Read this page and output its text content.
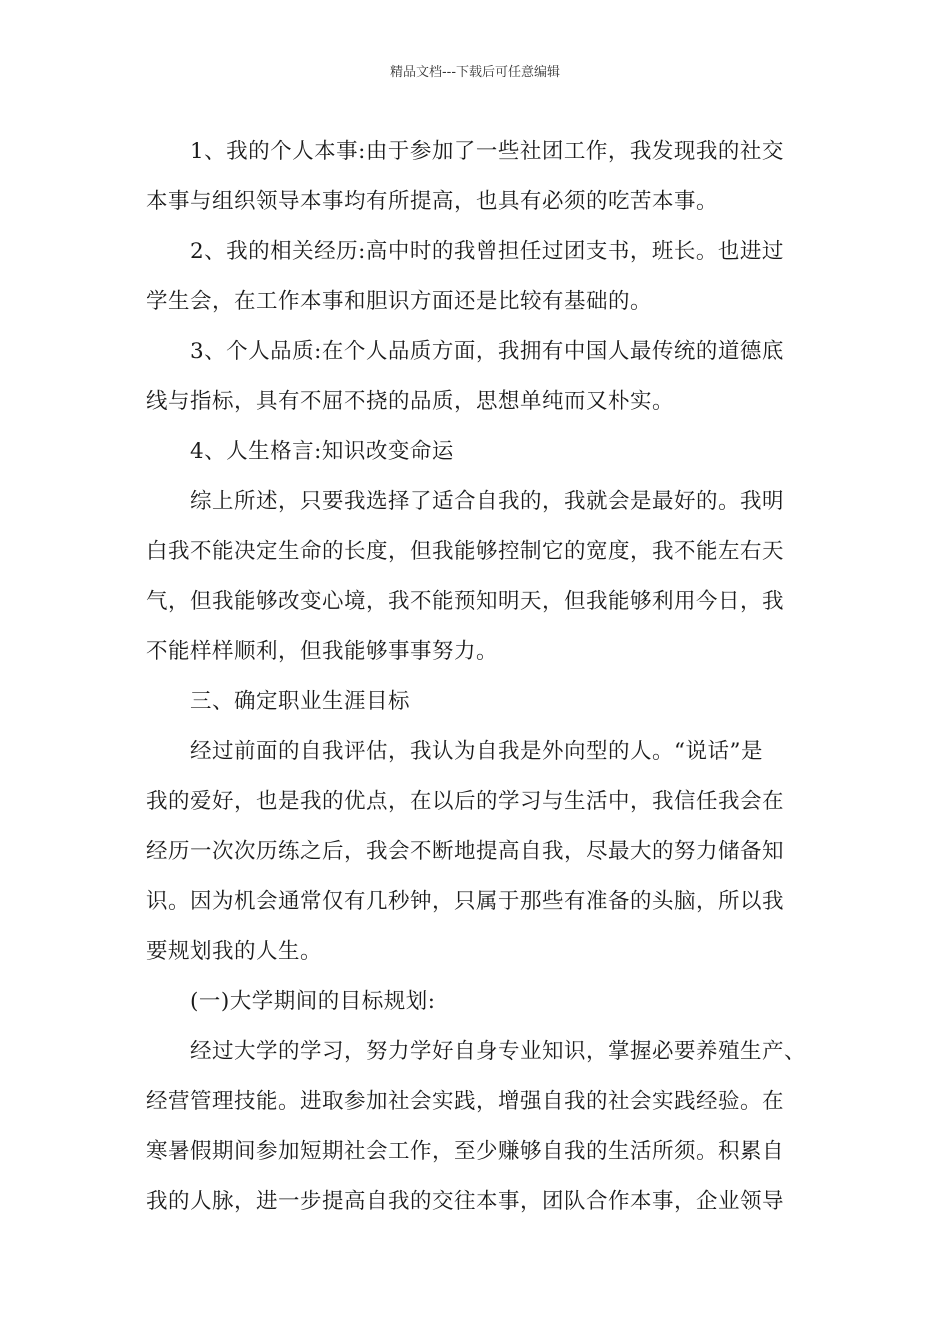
精品文档---下载后可任意编辑
1、我的个人本事:由于参加了一些社团工作，我发现我的社交
本事与组织领导本事均有所提高，也具有必须的吃苦本事。
2、我的相关经历:高中时的我曾担任过团支书，班长。也进过
学生会，在工作本事和胆识方面还是比较有基础的。
3、个人品质:在个人品质方面，我拥有中国人最传统的道德底
线与指标，具有不屈不挠的品质，思想单纯而又朴实。
4、人生格言:知识改变命运
综上所述，只要我选择了适合自我的，我就会是最好的。我明
白我不能决定生命的长度，但我能够控制它的宽度，我不能左右天
气，但我能够改变心境，我不能预知明天，但我能够利用今日，我
不能样样顺利，但我能够事事努力。
三、确定职业生涯目标
经过前面的自我评估，我认为自我是外向型的人。“说话”是
我的爱好，也是我的优点，在以后的学习与生活中，我信任我会在
经历一次次历练之后，我会不断地提高自我，尽最大的努力储备知
识。因为机会通常仅有几秒钟，只属于那些有准备的头脑，所以我
要规划我的人生。
(一)大学期间的目标规划:
经过大学的学习，努力学好自身专业知识，掌握必要养殖生产、
经营管理技能。进取参加社会实践，增强自我的社会实践经验。在
寒暑假期间参加短期社会工作，至少赚够自我的生活所须。积累自
我的人脉，进一步提高自我的交往本事，团队合作本事，企业领导
